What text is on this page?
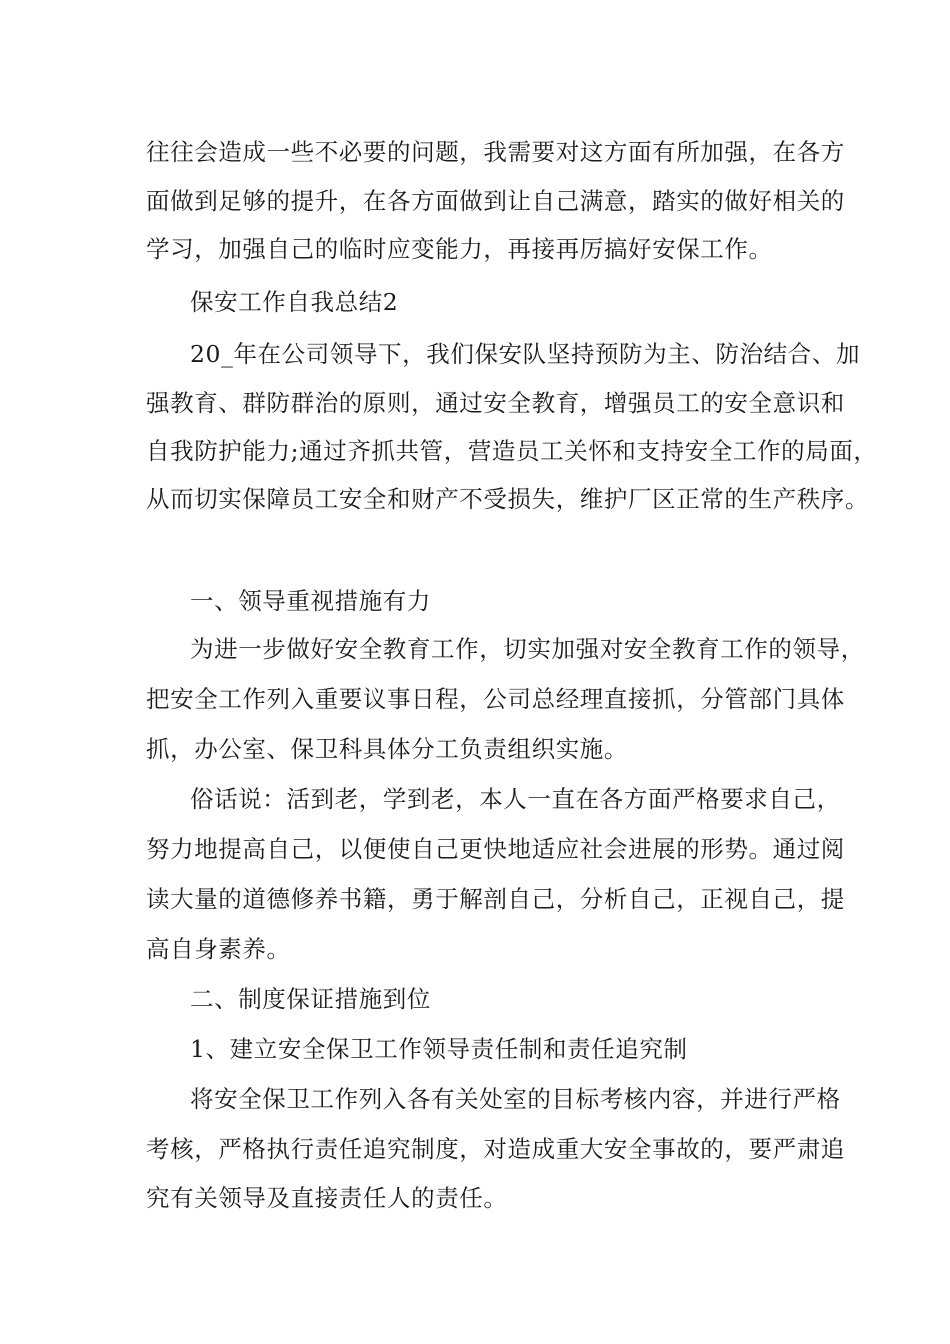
往往会造成一些不必要的问题，我需要对这方面有所加强，在各方
面做到足够的提升，在各方面做到让自己满意，踏实的做好相关的
学习，加强自己的临时应变能力，再接再厉搞好安保工作。
保安工作自我总结2
20_年在公司领导下，我们保安队坚持预防为主、防治结合、加
强教育、群防群治的原则，通过安全教育，增强员工的安全意识和
自我防护能力;通过齐抓共管，营造员工关怀和支持安全工作的局面，
从而切实保障员工安全和财产不受损失，维护厂区正常的生产秩序。
一、领导重视措施有力
为进一步做好安全教育工作，切实加强对安全教育工作的领导，
把安全工作列入重要议事日程，公司总经理直接抓，分管部门具体
抓，办公室、保卫科具体分工负责组织实施。
俗话说：活到老，学到老，本人一直在各方面严格要求自己，
努力地提高自己，以便使自己更快地适应社会进展的形势。通过阅
读大量的道德修养书籍，勇于解剖自己，分析自己，正视自己，提
高自身素养。
二、制度保证措施到位
1、建立安全保卫工作领导责任制和责任追究制
将安全保卫工作列入各有关处室的目标考核内容，并进行严格
考核，严格执行责任追究制度，对造成重大安全事故的，要严肃追
究有关领导及直接责任人的责任。
